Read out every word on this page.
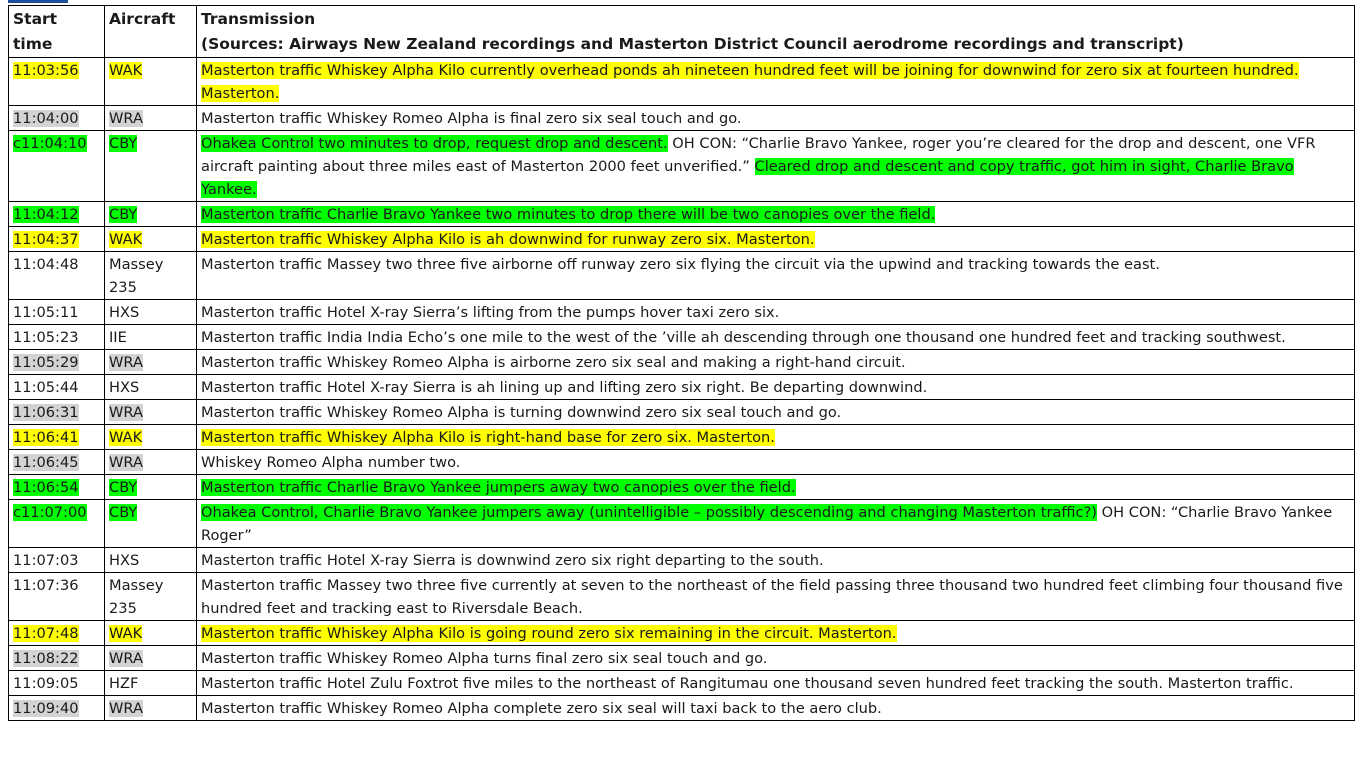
Start time	Aircraft	Transmission
(Sources: Airways New Zealand recordings and Masterton District Council aerodrome recordings and transcript)

11:03:56	WAK	Masterton traffic Whiskey Alpha Kilo currently overhead ponds ah nineteen hundred feet will be joining for downwind for zero six at fourteen hundred. Masterton.
11:04:00	WRA	Masterton traffic Whiskey Romeo Alpha is final zero six seal touch and go.
c11:04:10	CBY	Ohakea Control two minutes to drop, request drop and descent. OH CON: “Charlie Bravo Yankee, roger you’re cleared for the drop and descent, one VFR aircraft painting about three miles east of Masterton 2000 feet unverified.” Cleared drop and descent and copy traffic, got him in sight, Charlie Bravo Yankee.
11:04:12	CBY	Masterton traffic Charlie Bravo Yankee two minutes to drop there will be two canopies over the field.
11:04:37	WAK	Masterton traffic Whiskey Alpha Kilo is ah downwind for runway zero six. Masterton.
11:04:48	Massey 235	Masterton traffic Massey two three five airborne off runway zero six flying the circuit via the upwind and tracking towards the east.
11:05:11	HXS	Masterton traffic Hotel X-ray Sierra’s lifting from the pumps hover taxi zero six.
11:05:23	IIE	Masterton traffic India India Echo’s one mile to the west of the ’ville ah descending through one thousand one hundred feet and tracking southwest.
11:05:29	WRA	Masterton traffic Whiskey Romeo Alpha is airborne zero six seal and making a right-hand circuit.
11:05:44	HXS	Masterton traffic Hotel X-ray Sierra is ah lining up and lifting zero six right. Be departing downwind.
11:06:31	WRA	Masterton traffic Whiskey Romeo Alpha is turning downwind zero six seal touch and go.
11:06:41	WAK	Masterton traffic Whiskey Alpha Kilo is right-hand base for zero six. Masterton.
11:06:45	WRA	Whiskey Romeo Alpha number two.
11:06:54	CBY	Masterton traffic Charlie Bravo Yankee jumpers away two canopies over the field.
c11:07:00	CBY	Ohakea Control, Charlie Bravo Yankee jumpers away (unintelligible – possibly descending and changing Masterton traffic?) OH CON: “Charlie Bravo Yankee Roger”
11:07:03	HXS	Masterton traffic Hotel X-ray Sierra is downwind zero six right departing to the south.
11:07:36	Massey 235	Masterton traffic Massey two three five currently at seven to the northeast of the field passing three thousand two hundred feet climbing four thousand five hundred feet and tracking east to Riversdale Beach.
11:07:48	WAK	Masterton traffic Whiskey Alpha Kilo is going round zero six remaining in the circuit. Masterton.
11:08:22	WRA	Masterton traffic Whiskey Romeo Alpha turns final zero six seal touch and go.
11:09:05	HZF	Masterton traffic Hotel Zulu Foxtrot five miles to the northeast of Rangitumau one thousand seven hundred feet tracking the south. Masterton traffic.
11:09:40	WRA	Masterton traffic Whiskey Romeo Alpha complete zero six seal will taxi back to the aero club.
